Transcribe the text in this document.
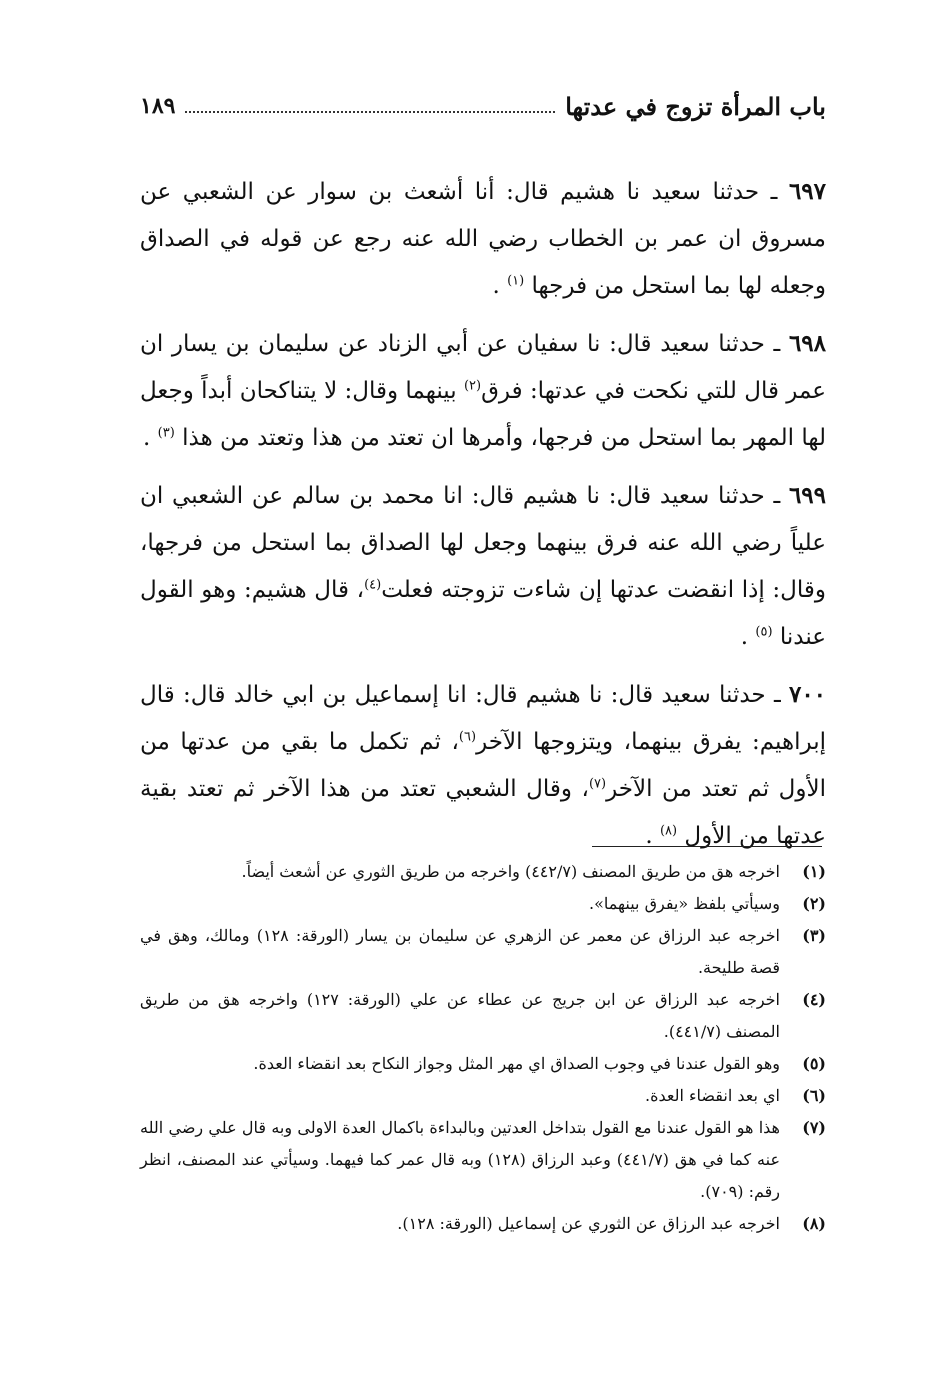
باب المرأة تزوج في عدتها
١٨٩

٦٩٧ ـ حدثنا سعيد نا هشيم قال: أنا أشعث بن سوار عن الشعبي عن مسروق ان عمر بن الخطاب رضي الله عنه رجع عن قوله في الصداق وجعله لها بما استحل من فرجها $^{(١)}$ .

٦٩٨ ـ حدثنا سعيد قال: نا سفيان عن أبي الزناد عن سليمان بن يسار ان عمر قال للتي نكحت في عدتها: فرق$^{(٢)}$ بينهما وقال: لا يتناكحان أبداً وجعل لها المهر بما استحل من فرجها، وأمرها ان تعتد من هذا وتعتد من هذا $^{(٣)}$ .

٦٩٩ ـ حدثنا سعيد قال: نا هشيم قال: انا محمد بن سالم عن الشعبي ان علياً رضي الله عنه فرق بينهما وجعل لها الصداق بما استحل من فرجها، وقال: إذا انقضت عدتها إن شاءت تزوجته فعلت$^{(٤)}$، قال هشيم: وهو القول عندنا $^{(٥)}$ .

٧٠٠ ـ حدثنا سعيد قال: نا هشيم قال: انا إسماعيل بن ابي خالد قال: قال إبراهيم: يفرق بينهما، ويتزوجها الآخر$^{(٦)}$، ثم تكمل ما بقي من عدتها من الأول ثم تعتد من الآخر$^{(٧)}$، وقال الشعبي تعتد من هذا الآخر ثم تعتد بقية عدتها من الأول $^{(٨)}$ .

(١)
اخرجه هق من طريق المصنف (٤٤٢/٧) واخرجه من طريق الثوري عن أشعث أيضاً.
(٢)
وسيأتي بلفظ «يفرق بينهما».
(٣)
اخرجه عبد الرزاق عن معمر عن الزهري عن سليمان بن يسار (الورقة: ١٢٨) ومالك، وهق في قصة طليحة.
(٤)
اخرجه عبد الرزاق عن ابن جريج عن عطاء عن علي (الورقة: ١٢٧) واخرجه هق من طريق المصنف (٤٤١/٧).
(٥)
وهو القول عندنا في وجوب الصداق اي مهر المثل وجواز النكاح بعد انقضاء العدة.
(٦)
اي بعد انقضاء العدة.
(٧)
هذا هو القول عندنا مع القول بتداخل العدتين وبالبداءة باكمال العدة الاولى وبه قال علي رضي الله عنه كما في هق (٤٤١/٧) وعبد الرزاق (١٢٨) وبه قال عمر كما فيهما. وسيأتي عند المصنف، انظر رقم: (٧٠٩).
(٨)
اخرجه عبد الرزاق عن الثوري عن إسماعيل (الورقة: ١٢٨).
